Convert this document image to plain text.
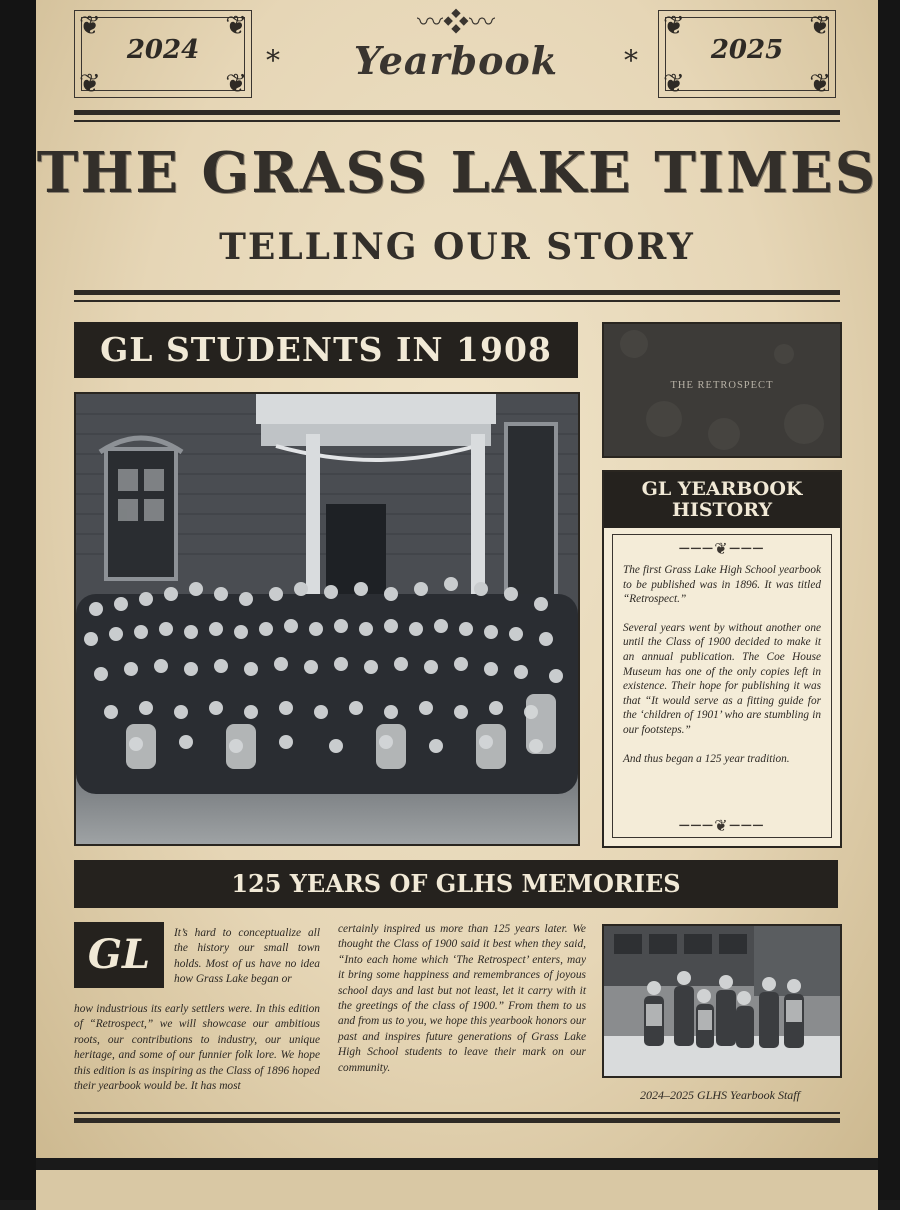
❦	❦
❦	❦
2024	*
〰❖〰
Yearbook	*
❦	❦
❦	❦
2025
THE GRASS LAKE TIMES
TELLING OUR STORY
GL STUDENTS IN 1908
THE RETROSPECT
GL YEARBOOK
HISTORY
───❦───

The first Grass Lake High School yearbook to be published was in 1896. It was titled “Retrospect.”

Several years went by without another one until the Class of 1900 decided to make it an annual publication. The Coe House Museum has one of the only copies left in existence. Their hope for publishing it was that “It would serve as a fitting guide for the ‘children of 1901’ who are stumbling in our footsteps.”

And thus began a 125 year tradition.

───❦───
125 YEARS OF GLHS MEMORIES
GL	It’s hard to conceptualize all the history our small town holds. Most of us have no idea how Grass Lake began or
how industrious its early settlers were. In this edition of “Retrospect,” we will showcase our ambitious roots, our contributions to industry, our unique heritage, and some of our funnier folk lore. We hope this edition is as inspiring as the Class of 1896 hoped their yearbook would be. It has most
certainly inspired us more than 125 years later. We thought the Class of 1900 said it best when they said, “Into each home which ‘The Retrospect’ enters, may it bring some happiness and remembrances of joyous school days and last but not least, let it carry with it the greetings of the class of 1900.” From them to us and from us to you, we hope this yearbook honors our past and inspires future generations of Grass Lake High School students to leave their mark on our community.
2024–2025 GLHS Yearbook Staff
